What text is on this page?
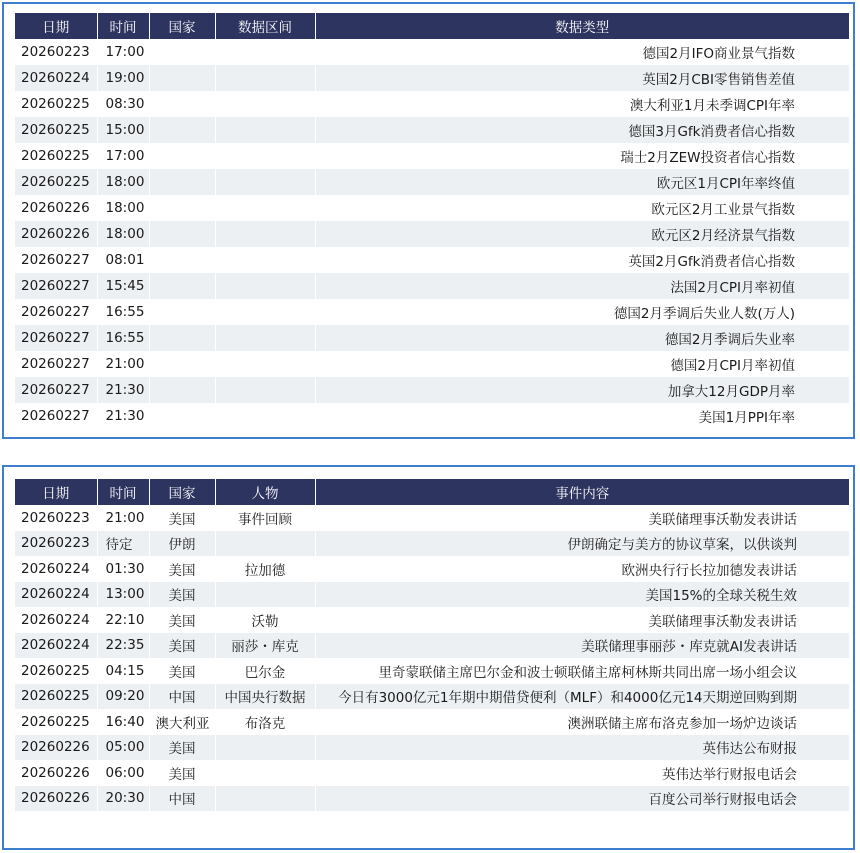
日期	时间	国家	数据区间	数据类型
20260223	17:00			德国2月IFO商业景气指数
20260224	19:00			英国2月CBI零售销售差值
20260225	08:30			澳大利亚1月未季调CPI年率
20260225	15:00			德国3月Gfk消费者信心指数
20260225	17:00			瑞士2月ZEW投资者信心指数
20260225	18:00			欧元区1月CPI年率终值
20260226	18:00			欧元区2月工业景气指数
20260226	18:00			欧元区2月经济景气指数
20260227	08:01			英国2月Gfk消费者信心指数
20260227	15:45			法国2月CPI月率初值
20260227	16:55			德国2月季调后失业人数(万人)
20260227	16:55			德国2月季调后失业率
20260227	21:00			德国2月CPI月率初值
20260227	21:30			加拿大12月GDP月率
20260227	21:30			美国1月PPI年率
日期	时间	国家	人物	事件内容
20260223	21:00	美国	事件回顾	美联储理事沃勒发表讲话
20260223	待定	伊朗		伊朗确定与美方的协议草案，以供谈判
20260224	01:30	美国	拉加德	欧洲央行行长拉加德发表讲话
20260224	13:00	美国		美国15%的全球关税生效
20260224	22:10	美国	沃勒	美联储理事沃勒发表讲话
20260224	22:35	美国	丽莎・库克	美联储理事丽莎・库克就AI发表讲话
20260225	04:15	美国	巴尔金	里奇蒙联储主席巴尔金和波士顿联储主席柯林斯共同出席一场小组会议
20260225	09:20	中国	中国央行数据	今日有3000亿元1年期中期借贷便利（MLF）和4000亿元14天期逆回购到期
20260225	16:40	澳大利亚	布洛克	澳洲联储主席布洛克参加一场炉边谈话
20260226	05:00	美国		英伟达公布财报
20260226	06:00	美国		英伟达举行财报电话会
20260226	20:30	中国		百度公司举行财报电话会
